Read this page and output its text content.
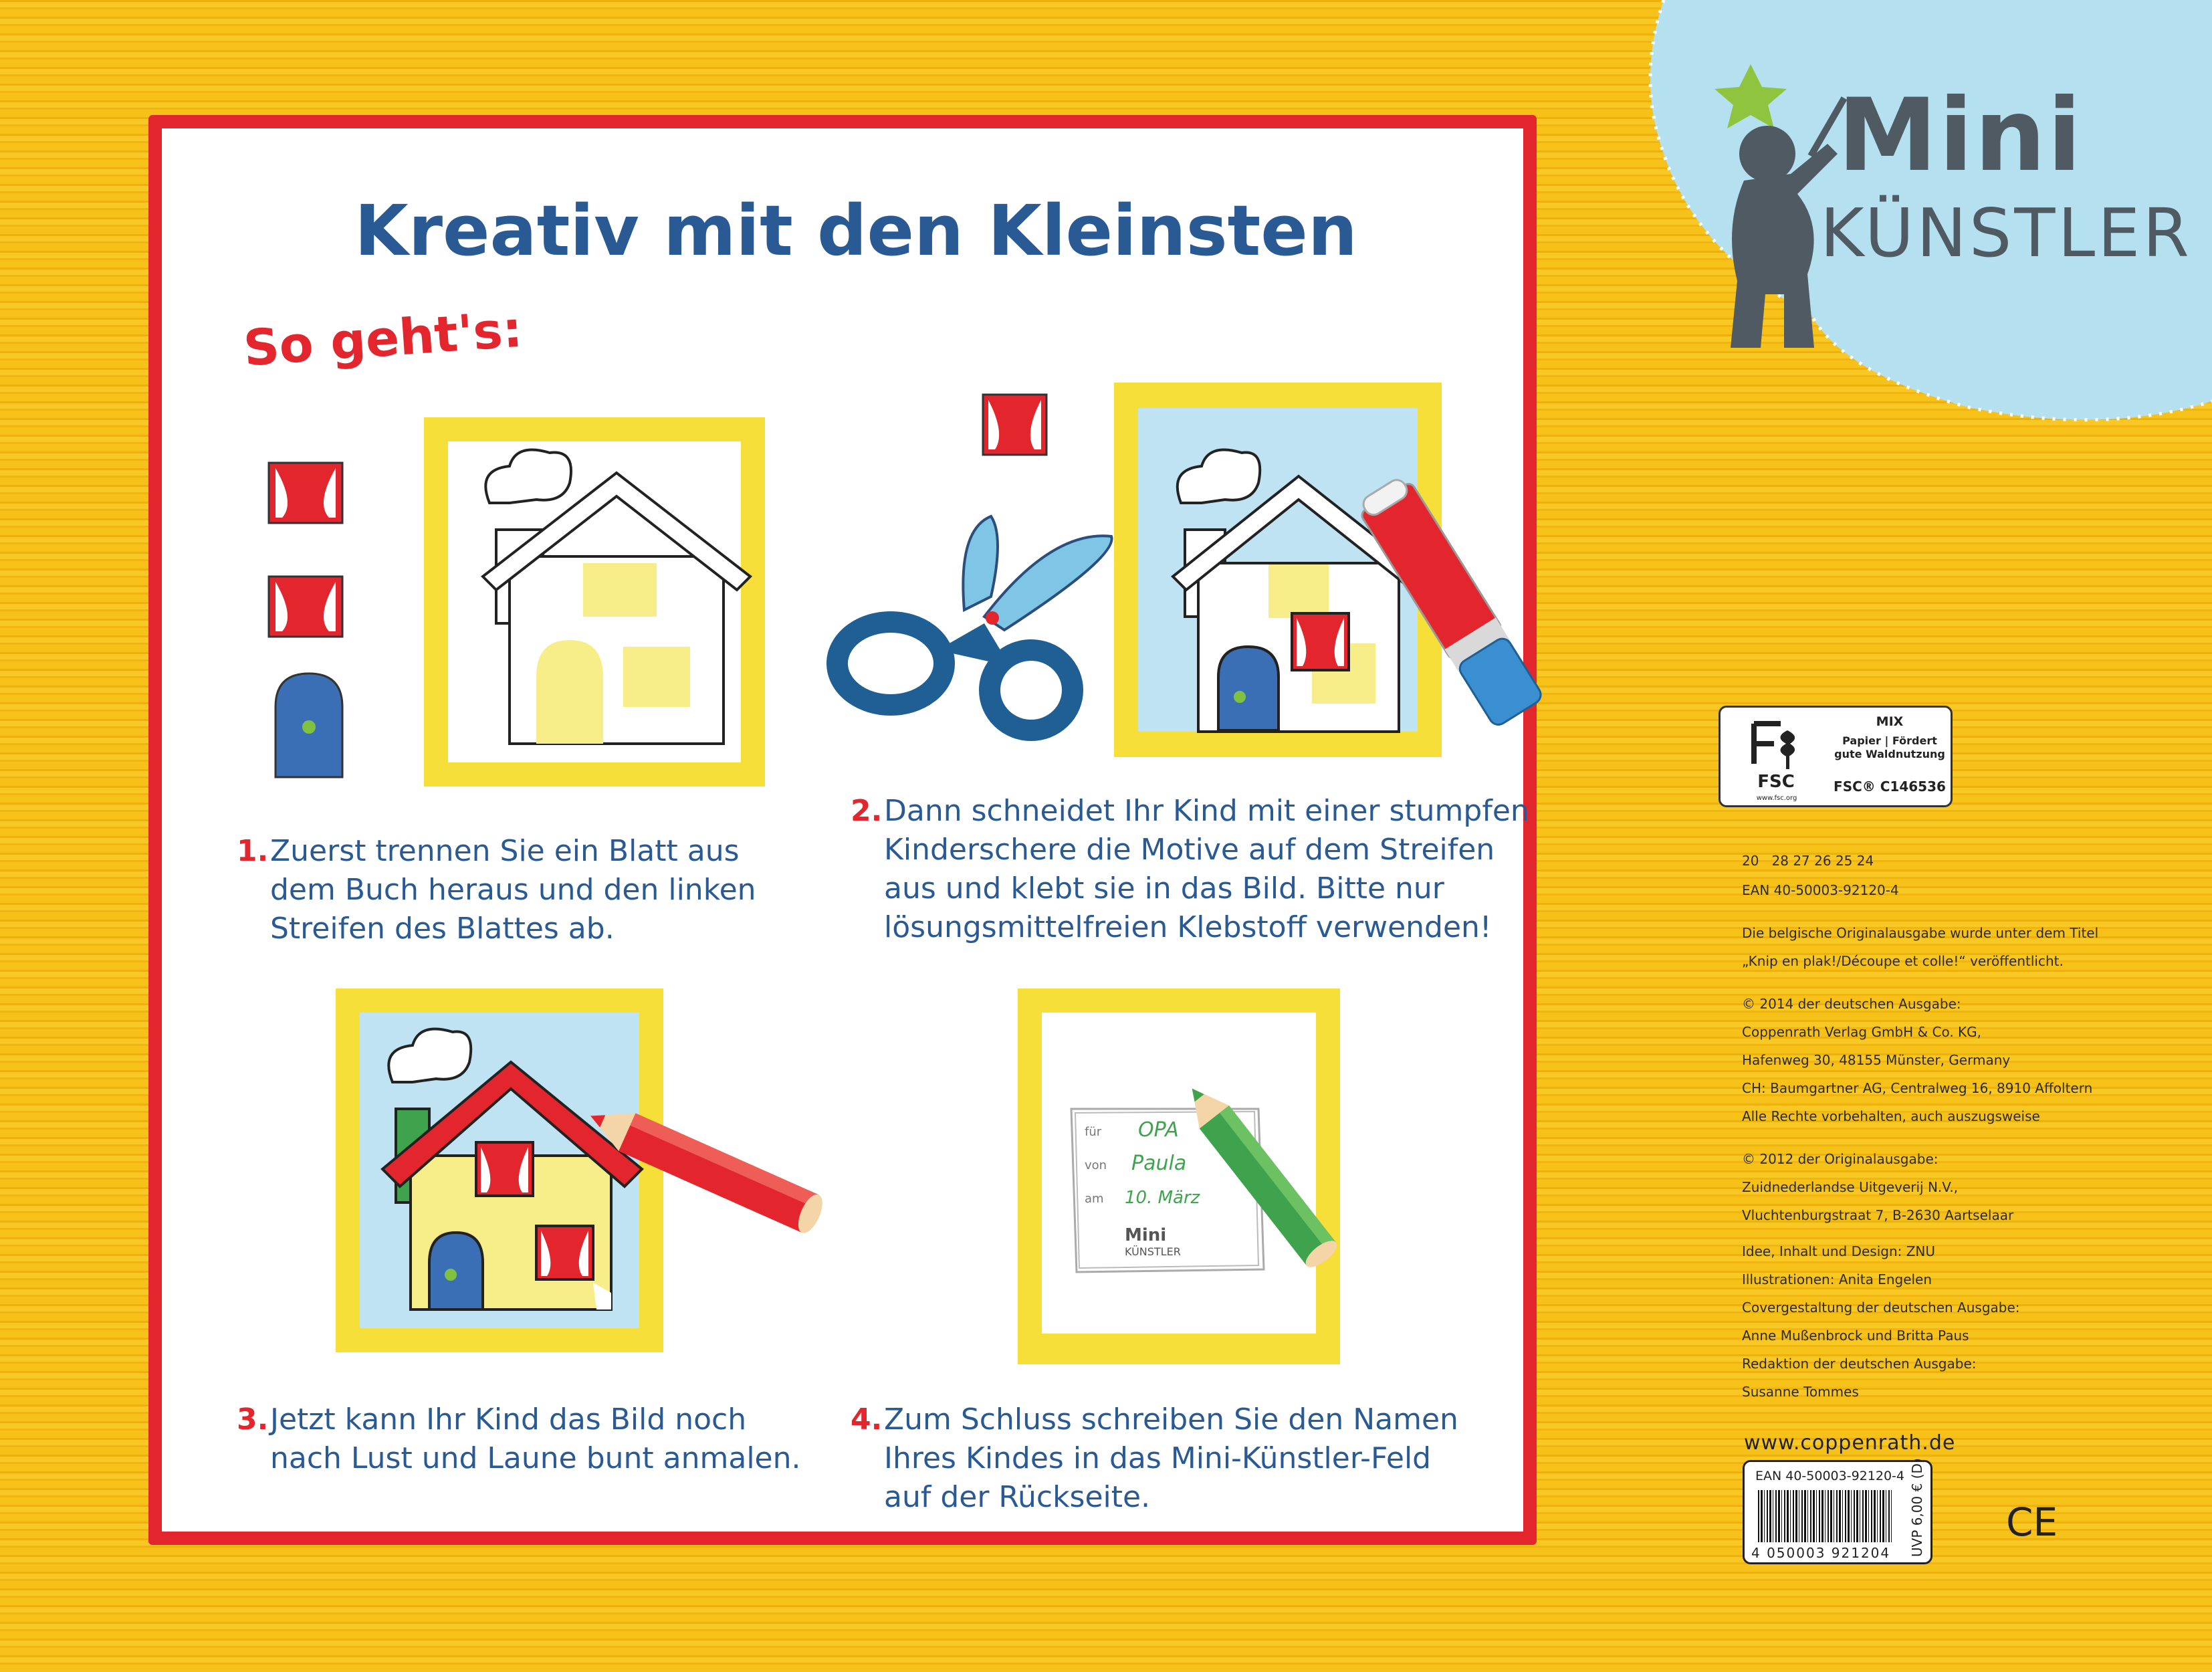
Mini
KÜNSTLER
Kreativ mit den Kleinsten
So geht's:
für OPA
von Paula
am 10. März
Mini
KÜNSTLER
1. Zuerst trennen Sie ein Blatt aus
dem Buch heraus und den linken
Streifen des Blattes ab.
2. Dann schneidet Ihr Kind mit einer stumpfen
Kinderschere die Motive auf dem Streifen
aus und klebt sie in das Bild. Bitte nur
lösungsmittelfreien Klebstoff verwenden!
3. Jetzt kann Ihr Kind das Bild noch
nach Lust und Laune bunt anmalen.
4. Zum Schluss schreiben Sie den Namen
Ihres Kindes in das Mini-Künstler-Feld
auf der Rückseite.
FSC
www.fsc.org
MIX
Papier | Fördert
gute Waldnutzung
FSC® C146536
20   28 27 26 25 24
EAN 40-50003-92120-4
Die belgische Originalausgabe wurde unter dem Titel
„Knip en plak!/Découpe et colle!“ veröffentlicht.
© 2014 der deutschen Ausgabe:
Coppenrath Verlag GmbH & Co. KG,
Hafenweg 30, 48155 Münster, Germany
CH: Baumgartner AG, Centralweg 16, 8910 Affoltern
Alle Rechte vorbehalten, auch auszugsweise
© 2012 der Originalausgabe:
Zuidnederlandse Uitgeverij N.V.,
Vluchtenburgstraat 7, B-2630 Aartselaar
Idee, Inhalt und Design: ZNU
Illustrationen: Anita Engelen
Covergestaltung der deutschen Ausgabe:
Anne Mußenbrock und Britta Paus
Redaktion der deutschen Ausgabe:
Susanne Tommes
www.coppenrath.de
EAN 40-50003-92120-4
4 050003 921204 UVP 6,00 € (D) CE
